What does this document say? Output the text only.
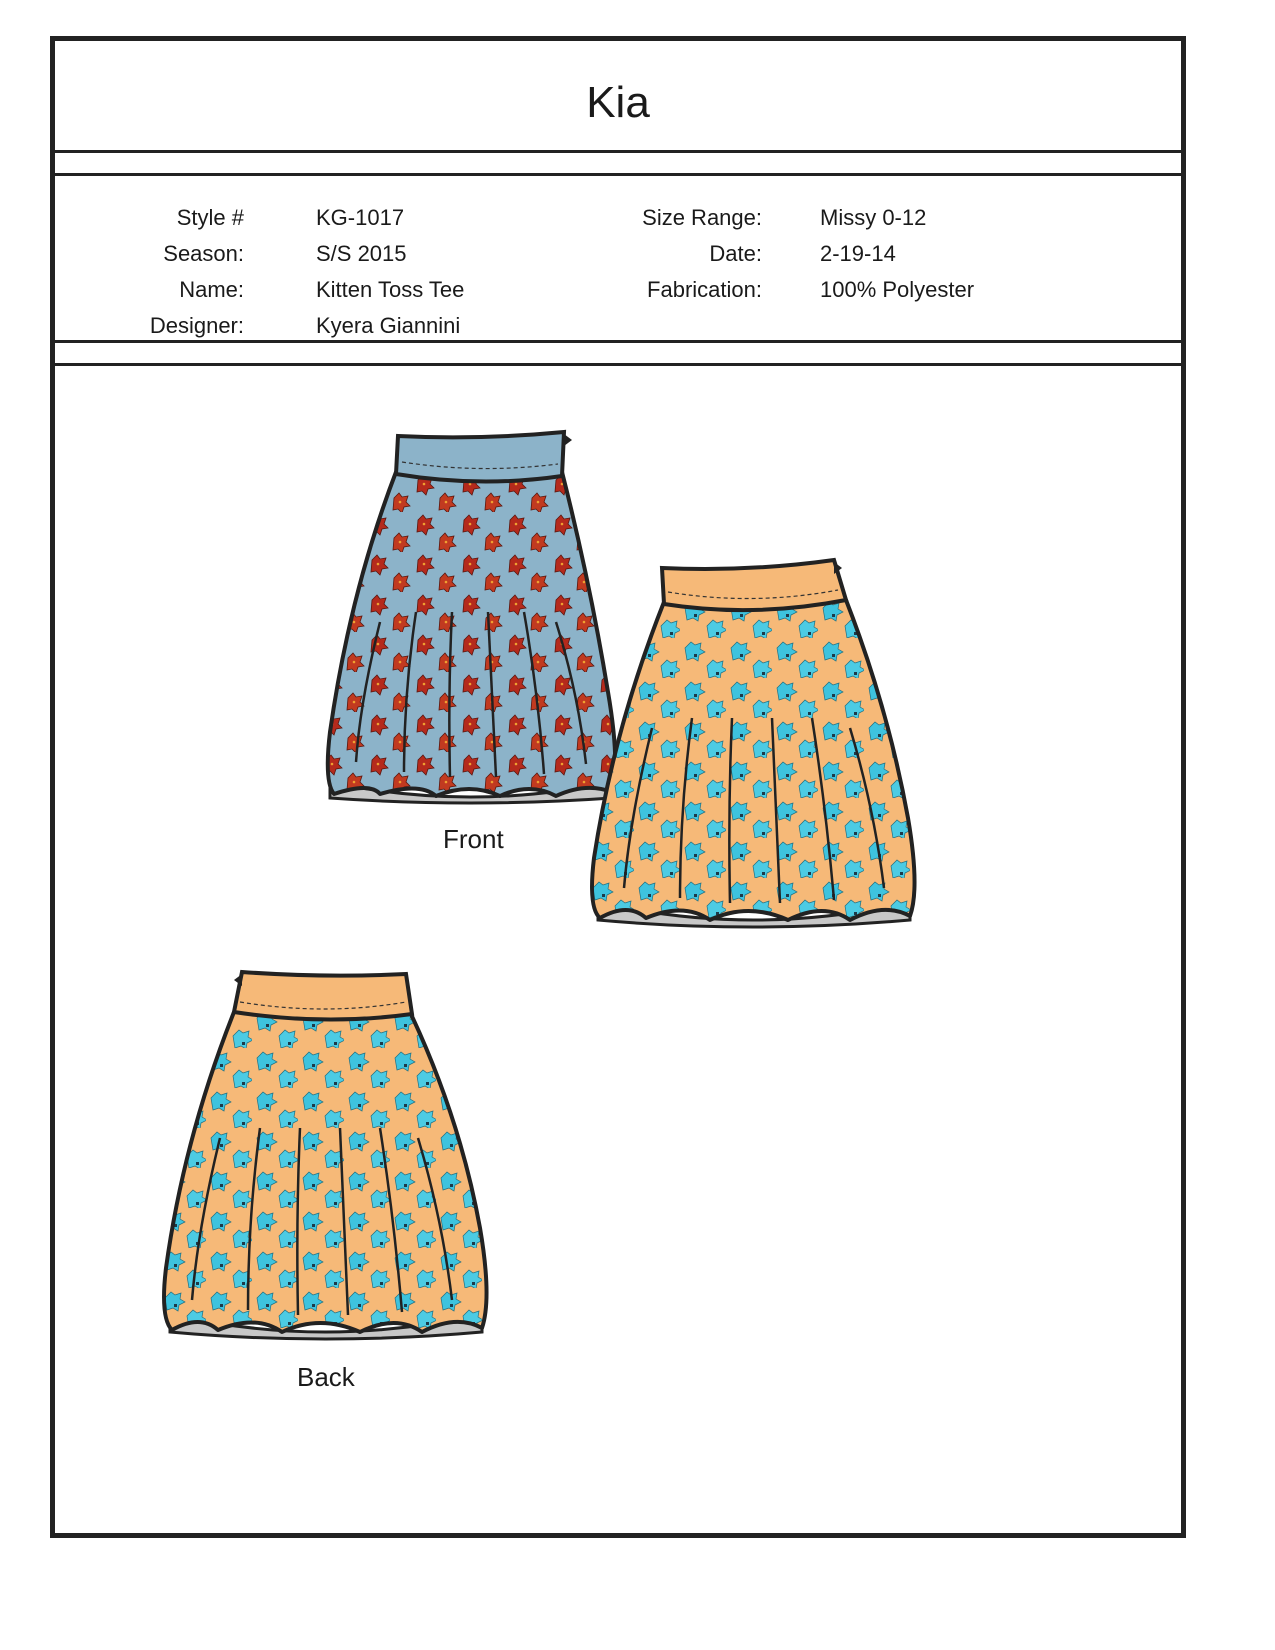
Kia
Style #
Season:
Name:
Designer:
KG-1017
S/S 2015
Kitten Toss Tee
Kyera Giannini
Size Range:
Date:
Fabrication:
Missy 0-12
2-19-14
100% Polyester
Front
Back
